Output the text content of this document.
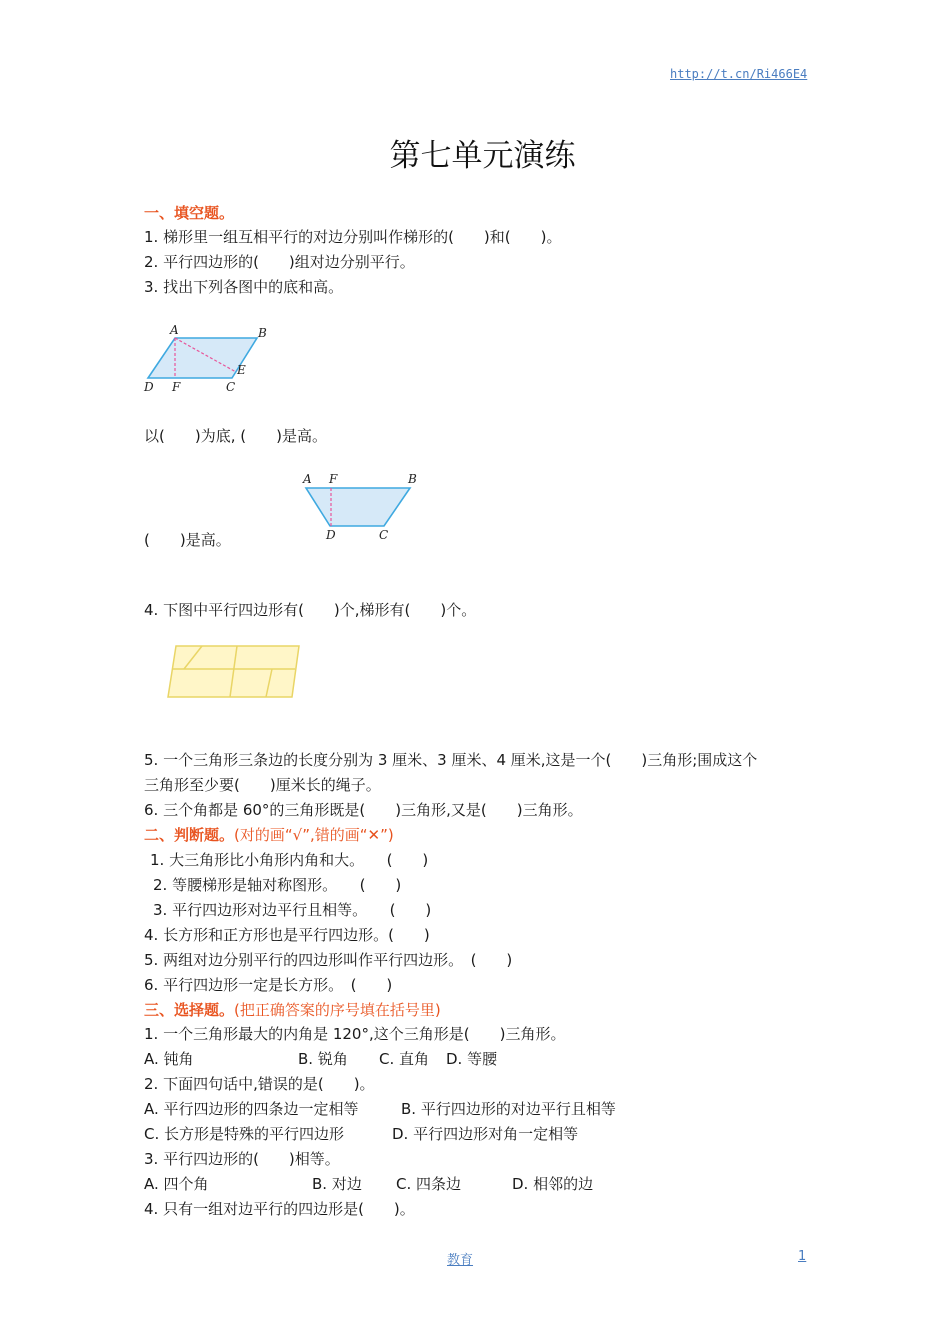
http://t.cn/Ri466E4
第七单元演练
一、填空题。
1. 梯形里一组互相平行的对边分别叫作梯形的(　　)和(　　)。
2. 平行四边形的(　　)组对边分别平行。
3. 找出下列各图中的底和高。
A	B
D F	C
E
以(　　)为底, (　　)是高。
A F	B
D	C
(　　)是高。
4. 下图中平行四边形有(　　)个,梯形有(　　)个。
5. 一个三角形三条边的长度分别为 3 厘米、3 厘米、4 厘米,这是一个(　　)三角形;围成这个
三角形至少要(　　)厘米长的绳子。
6. 三个角都是 60°的三角形既是(　　)三角形,又是(　　)三角形。
二、判断题。(对的画“√”,错的画“✕”)
1. 大三角形比小角形内角和大。　　(　　)
2. 等腰梯形是轴对称图形。　　(　　)
3. 平行四边形对边平行且相等。　　(　　)
4. 长方形和正方形也是平行四边形。(　　)
5. 两组对边分别平行的四边形叫作平行四边形。　(　　)
6. 平行四边形一定是长方形。　(　　)
三、选择题。(把正确答案的序号填在括号里)
1. 一个三角形最大的内角是 120°,这个三角形是(　　)三角形。
A. 钝角	B. 锐角 C. 直角 D. 等腰
2. 下面四句话中,错误的是(　　)。
A. 平行四边形的四条边一定相等	B. 平行四边形的对边平行且相等
C. 长方形是特殊的平行四边形	D. 平行四边形对角一定相等
3. 平行四边形的(　　)相等。
A. 四个角	B. 对边 C. 四条边	D. 相邻的边
4. 只有一组对边平行的四边形是(　　)。
教育	1
